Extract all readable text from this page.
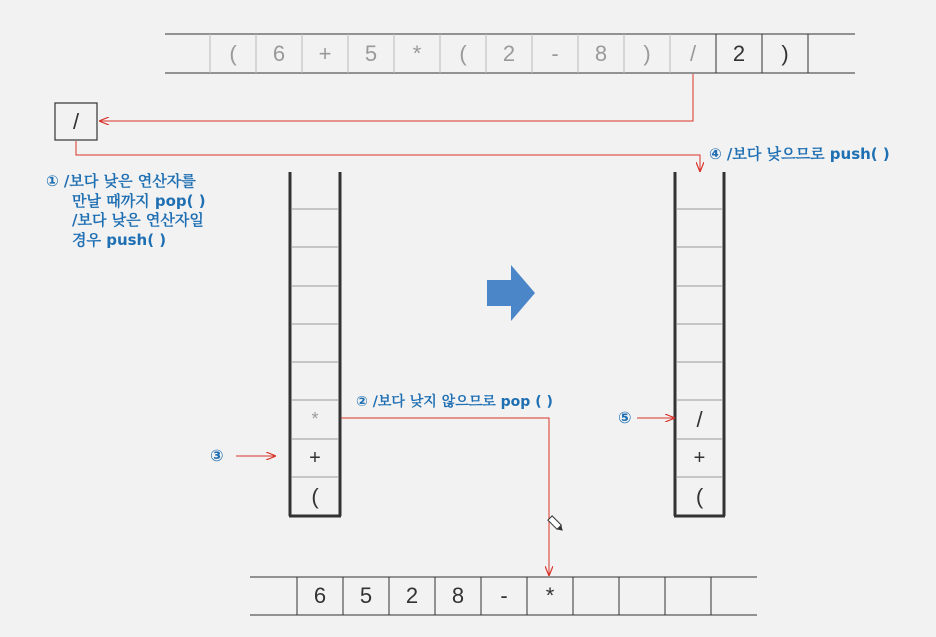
(	6	+	5	*	(	2	-	8	)	/	2	)
/
(
+
*
(
+
/
6	5	2	8	-	*
① /보다 낮은 연산자를
만날 때까지 pop( )
/보다 낮은 연산자일
경우 push( )
② /보다 낮지 않으므로 pop ( )
③
④ /보다 낮으므로 push( )
⑤
